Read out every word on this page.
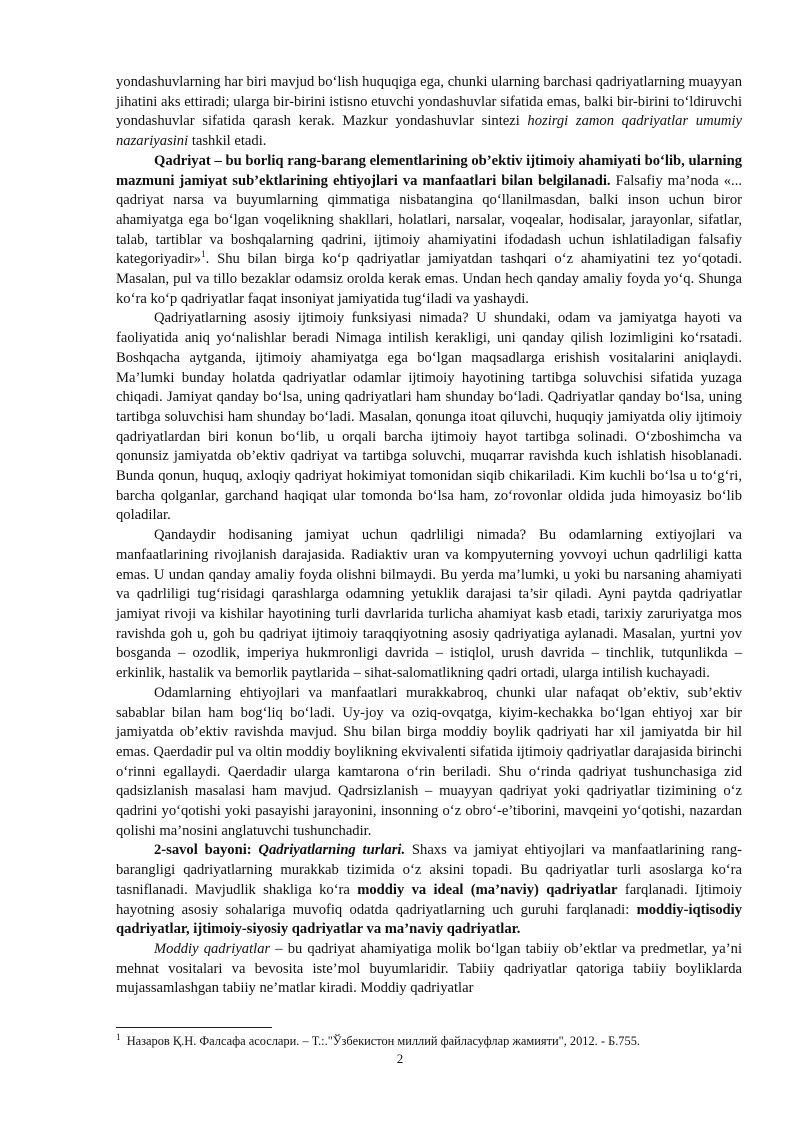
yondashuvlarning har biri mavjud bo‘lish huquqiga ega, chunki ularning barchasi qadriyatlarning muayyan jihatini aks ettiradi; ularga bir-birini istisno etuvchi yondashuvlar sifatida emas, balki bir-birini to‘ldiruvchi yondashuvlar sifatida qarash kerak. Mazkur yondashuvlar sintezi hozirgi zamon qadriyatlar umumiy nazariyasini tashkil etadi.

Qadriyat – bu borliq rang-barang elementlarining ob’ektiv ijtimoiy ahamiyati bo‘lib, ularning mazmuni jamiyat sub’ektlarining ehtiyojlari va manfaatlari bilan belgilanadi. Falsafiy ma’noda «... qadriyat narsa va buyumlarning qimmatiga nisbatangina qo‘llanilmasdan, balki inson uchun biror ahamiyatga ega bo‘lgan voqelikning shakllari, holatlari, narsalar, voqealar, hodisalar, jarayonlar, sifatlar, talab, tartiblar va boshqalarning qadrini, ijtimoiy ahamiyatini ifodadash uchun ishlatiladigan falsafiy kategoriyadir»$^1$. Shu bilan birga ko‘p qadriyatlar jamiyatdan tashqari o‘z ahamiyatini tez yo‘qotadi. Masalan, pul va tillo bezaklar odamsiz orolda kerak emas. Undan hech qanday amaliy foyda yo‘q. Shunga ko‘ra ko‘p qadriyatlar faqat insoniyat jamiyatida tug‘iladi va yashaydi.

Qadriyatlarning asosiy ijtimoiy funksiyasi nimada? U shundaki, odam va jamiyatga hayoti va faoliyatida aniq yo‘nalishlar beradi Nimaga intilish kerakligi, uni qanday qilish lozimligini ko‘rsatadi. Boshqacha aytganda, ijtimoiy ahamiyatga ega bo‘lgan maqsadlarga erishish vositalarini aniqlaydi. Ma’lumki bunday holatda qadriyatlar odamlar ijtimoiy hayotining tartibga soluvchisi sifatida yuzaga chiqadi. Jamiyat qanday bo‘lsa, uning qadriyatlari ham shunday bo‘ladi. Qadriyatlar qanday bo‘lsa, uning tartibga soluvchisi ham shunday bo‘ladi. Masalan, qonunga itoat qiluvchi, huquqiy jamiyatda oliy ijtimoiy qadriyatlardan biri konun bo‘lib, u orqali barcha ijtimoiy hayot tartibga solinadi. O‘zboshimcha va qonunsiz jamiyatda ob’ektiv qadriyat va tartibga soluvchi, muqarrar ravishda kuch ishlatish hisoblanadi. Bunda qonun, huquq, axloqiy qadriyat hokimiyat tomonidan siqib chikariladi. Kim kuchli bo‘lsa u to‘g‘ri, barcha qolganlar, garchand haqiqat ular tomonda bo‘lsa ham, zo‘rovonlar oldida juda himoyasiz bo‘lib qoladilar.

Qandaydir hodisaning jamiyat uchun qadrliligi nimada? Bu odamlarning extiyojlari va manfaatlarining rivojlanish darajasida. Radiaktiv uran va kompyuterning yovvoyi uchun qadrliligi katta emas. U undan qanday amaliy foyda olishni bilmaydi. Bu yerda ma’lumki, u yoki bu narsaning ahamiyati va qadrliligi tug‘risidagi qarashlarga odamning yetuklik darajasi ta’sir qiladi. Ayni paytda qadriyatlar jamiyat rivoji va kishilar hayotining turli davrlarida turlicha ahamiyat kasb etadi, tarixiy zaruriyatga mos ravishda goh u, goh bu qadriyat ijtimoiy taraqqiyotning asosiy qadriyatiga aylanadi. Masalan, yurtni yov bosganda – ozodlik, imperiya hukmronligi davrida – istiqlol, urush davrida – tinchlik, tutqunlikda – erkinlik, hastalik va bemorlik paytlarida – sihat-salomatlikning qadri ortadi, ularga intilish kuchayadi.

Odamlarning ehtiyojlari va manfaatlari murakkabroq, chunki ular nafaqat ob’ektiv, sub’ektiv sabablar bilan ham bog‘liq bo‘ladi. Uy-joy va oziq-ovqatga, kiyim-kechakka bo‘lgan ehtiyoj xar bir jamiyatda ob’ektiv ravishda mavjud. Shu bilan birga moddiy boylik qadriyati har xil jamiyatda bir hil emas. Qaerdadir pul va oltin moddiy boylikning ekvivalenti sifatida ijtimoiy qadriyatlar darajasida birinchi o‘rinni egallaydi. Qaerdadir ularga kamtarona o‘rin beriladi. Shu o‘rinda qadriyat tushunchasiga zid qadsizlanish masalasi ham mavjud. Qadrsizlanish – muayyan qadriyat yoki qadriyatlar tizimining o‘z qadrini yo‘qotishi yoki pasayishi jarayonini, insonning o‘z obro‘-e’tiborini, mavqeini yo‘qotishi, nazardan qolishi ma’nosini anglatuvchi tushunchadir.

2-savol bayoni: Qadriyatlarning turlari. Shaxs va jamiyat ehtiyojlari va manfaatlarining rang-barangligi qadriyatlarning murakkab tizimida o‘z aksini topadi. Bu qadriyatlar turli asoslarga ko‘ra tasniflanadi. Mavjudlik shakliga ko‘ra moddiy va ideal (ma’naviy) qadriyatlar farqlanadi. Ijtimoiy hayotning asosiy sohalariga muvofiq odatda qadriyatlarning uch guruhi farqlanadi: moddiy-iqtisodiy qadriyatlar, ijtimoiy-siyosiy qadriyatlar va ma’naviy qadriyatlar.

Moddiy qadriyatlar – bu qadriyat ahamiyatiga molik bo‘lgan tabiiy ob’ektlar va predmetlar, ya’ni mehnat vositalari va bevosita iste’mol buyumlaridir. Tabiiy qadriyatlar qatoriga tabiiy boyliklarda mujassamlashgan tabiiy ne’matlar kiradi. Moddiy qadriyatlar

$^1$ Назаров Қ.Н. Фалсафа асослари. – Т.:."Ўзбекистон миллий файласуфлар жамияти", 2012. - Б.755.
2
